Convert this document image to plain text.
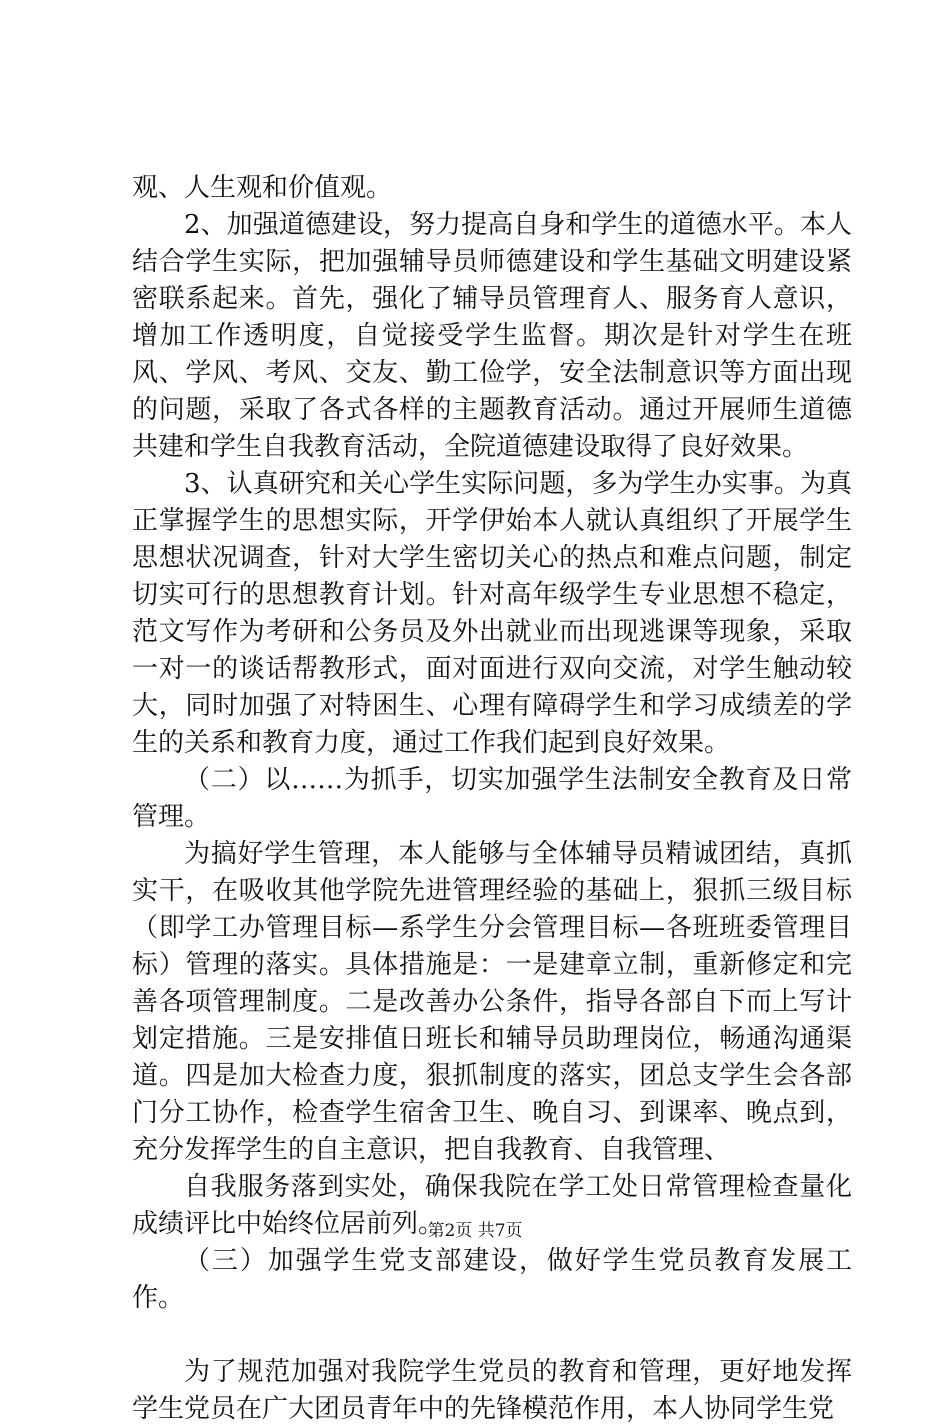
观、人生观和价值观。

2、加强道德建设，努力提高自身和学生的道德水平。本人结合学生实际，把加强辅导员师德建设和学生基础文明建设紧密联系起来。首先，强化了辅导员管理育人、服务育人意识，增加工作透明度，自觉接受学生监督。期次是针对学生在班风、学风、考风、交友、勤工俭学，安全法制意识等方面出现的问题，采取了各式各样的主题教育活动。通过开展师生道德共建和学生自我教育活动，全院道德建设取得了良好效果。

3、认真研究和关心学生实际问题，多为学生办实事。为真正掌握学生的思想实际，开学伊始本人就认真组织了开展学生思想状况调查，针对大学生密切关心的热点和难点问题，制定切实可行的思想教育计划。针对高年级学生专业思想不稳定，范文写作为考研和公务员及外出就业而出现逃课等现象，采取一对一的谈话帮教形式，面对面进行双向交流，对学生触动较大，同时加强了对特困生、心理有障碍学生和学习成绩差的学生的关系和教育力度，通过工作我们起到良好效果。

（二）以……为抓手，切实加强学生法制安全教育及日常管理。

为搞好学生管理，本人能够与全体辅导员精诚团结，真抓实干，在吸收其他学院先进管理经验的基础上，狠抓三级目标（即学工办管理目标—系学生分会管理目标—各班班委管理目标）管理的落实。具体措施是：一是建章立制，重新修定和完善各项管理制度。二是改善办公条件，指导各部自下而上写计划定措施。三是安排值日班长和辅导员助理岗位，畅通沟通渠道。四是加大检查力度，狠抓制度的落实，团总支学生会各部门分工协作，检查学生宿舍卫生、晚自习、到课率、晚点到，充分发挥学生的自主意识，把自我教育、自我管理、

自我服务落到实处，确保我院在学工处日常管理检查量化成绩评比中始终位居前列。

（三）加强学生党支部建设，做好学生党员教育发展工作。

为了规范加强对我院学生党员的教育和管理，更好地发挥学生党员在广大团员青年中的先锋模范作用，本人协同学生党

第2页 共7页
